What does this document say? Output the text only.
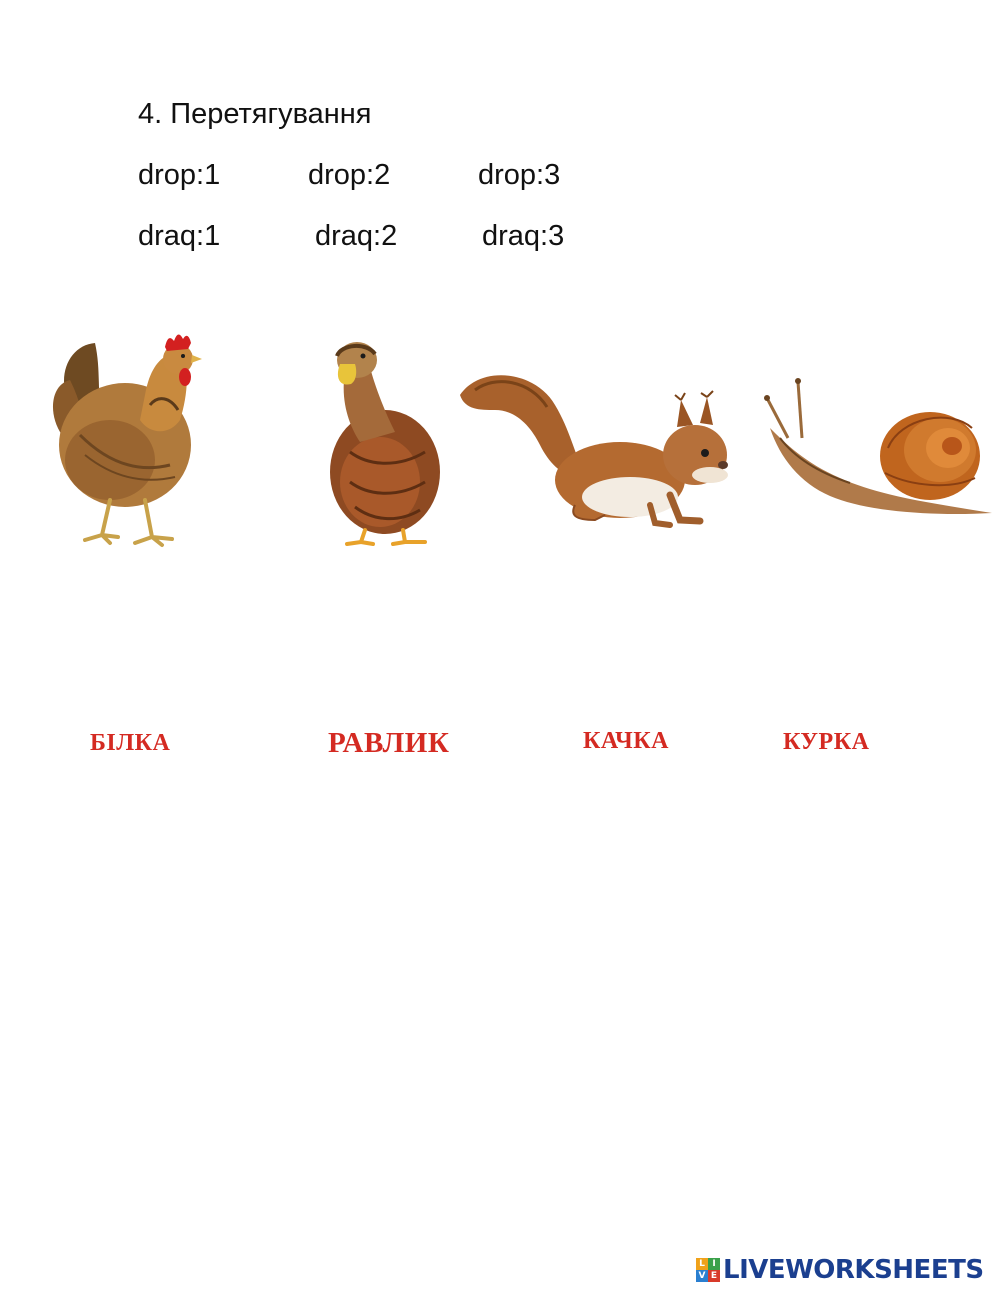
4. Перетягування
drop:1	drop:2	drop:3
draq:1	draq:2	draq:3
БІЛКА	РАВЛИК	КАЧКА	КУРКА
L I
V E LIVEWORKSHEETS
